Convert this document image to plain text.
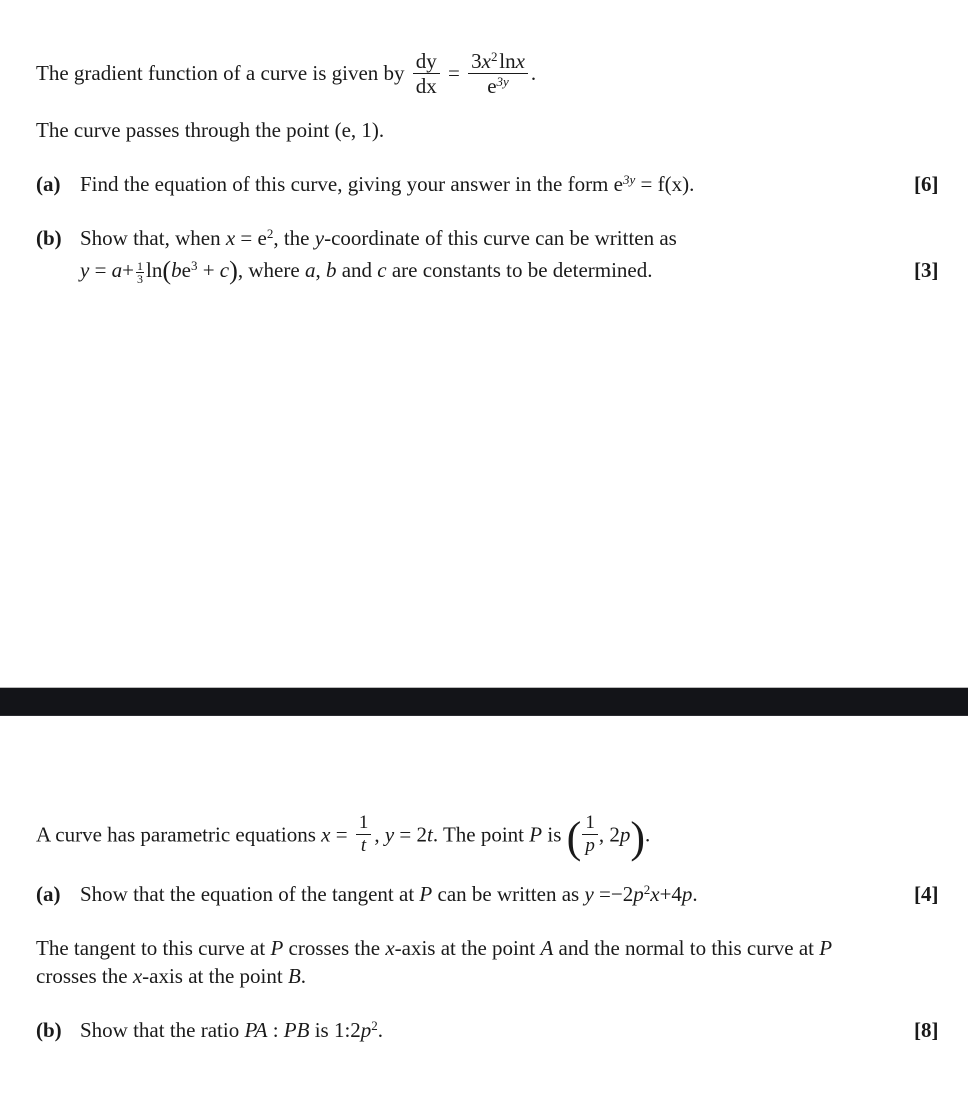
The gradient function of a curve is given by $\frac{dy}{dx} = \frac{3x^2 \ln x}{e^{3y}}$ .
The curve passes through the point (e, 1).
(a) Find the equation of this curve, giving your answer in the form $e^{3y} = f(x)$.	[6]
(b) Show that, when $x = e^2$, the y-coordinate of this curve can be written as
$y = a+ \frac{1}{3} \ln(be^3 + c)$, where a, b and c are constants to be determined.	[3]
A curve has parametric equations $x = \frac{1}{t}$ , y = 2t. The point P is ( $\frac{1}{p}$ , 2p).
(a) Show that the equation of the tangent at P can be written as $y =-2p^2x+4p$.	[4]
The tangent to this curve at P crosses the x-axis at the point A and the normal to this curve at P
crosses the x-axis at the point B.
(b) Show that the ratio PA : PB is $1:2p^2$.	[8]
